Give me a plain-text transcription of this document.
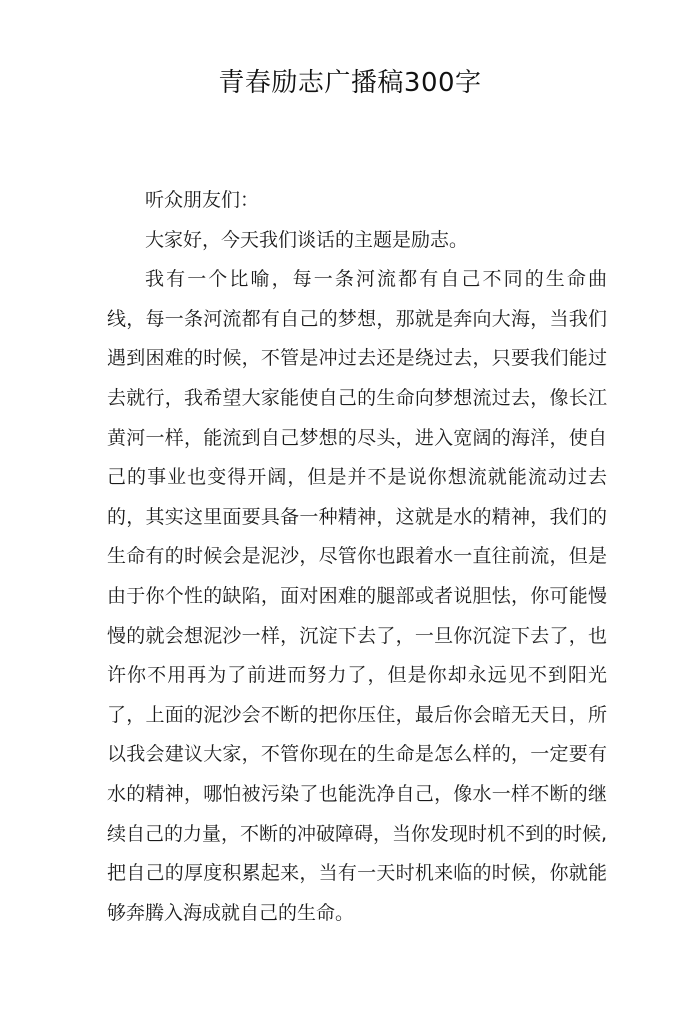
青春励志广播稿300字
听众朋友们：
大家好，今天我们谈话的主题是励志。
我有一个比喻，每一条河流都有自己不同的生命曲
线，每一条河流都有自己的梦想，那就是奔向大海，当我们
遇到困难的时候，不管是冲过去还是绕过去，只要我们能过
去就行，我希望大家能使自己的生命向梦想流过去，像长江
黄河一样，能流到自己梦想的尽头，进入宽阔的海洋，使自
己的事业也变得开阔，但是并不是说你想流就能流动过去
的，其实这里面要具备一种精神，这就是水的精神，我们的
生命有的时候会是泥沙，尽管你也跟着水一直往前流，但是
由于你个性的缺陷，面对困难的腿部或者说胆怯，你可能慢
慢的就会想泥沙一样，沉淀下去了，一旦你沉淀下去了，也
许你不用再为了前进而努力了，但是你却永远见不到阳光
了，上面的泥沙会不断的把你压住，最后你会暗无天日，所
以我会建议大家，不管你现在的生命是怎么样的，一定要有
水的精神，哪怕被污染了也能洗净自己，像水一样不断的继
续自己的力量，不断的冲破障碍，当你发现时机不到的时候,
把自己的厚度积累起来，当有一天时机来临的时候，你就能
够奔腾入海成就自己的生命。
